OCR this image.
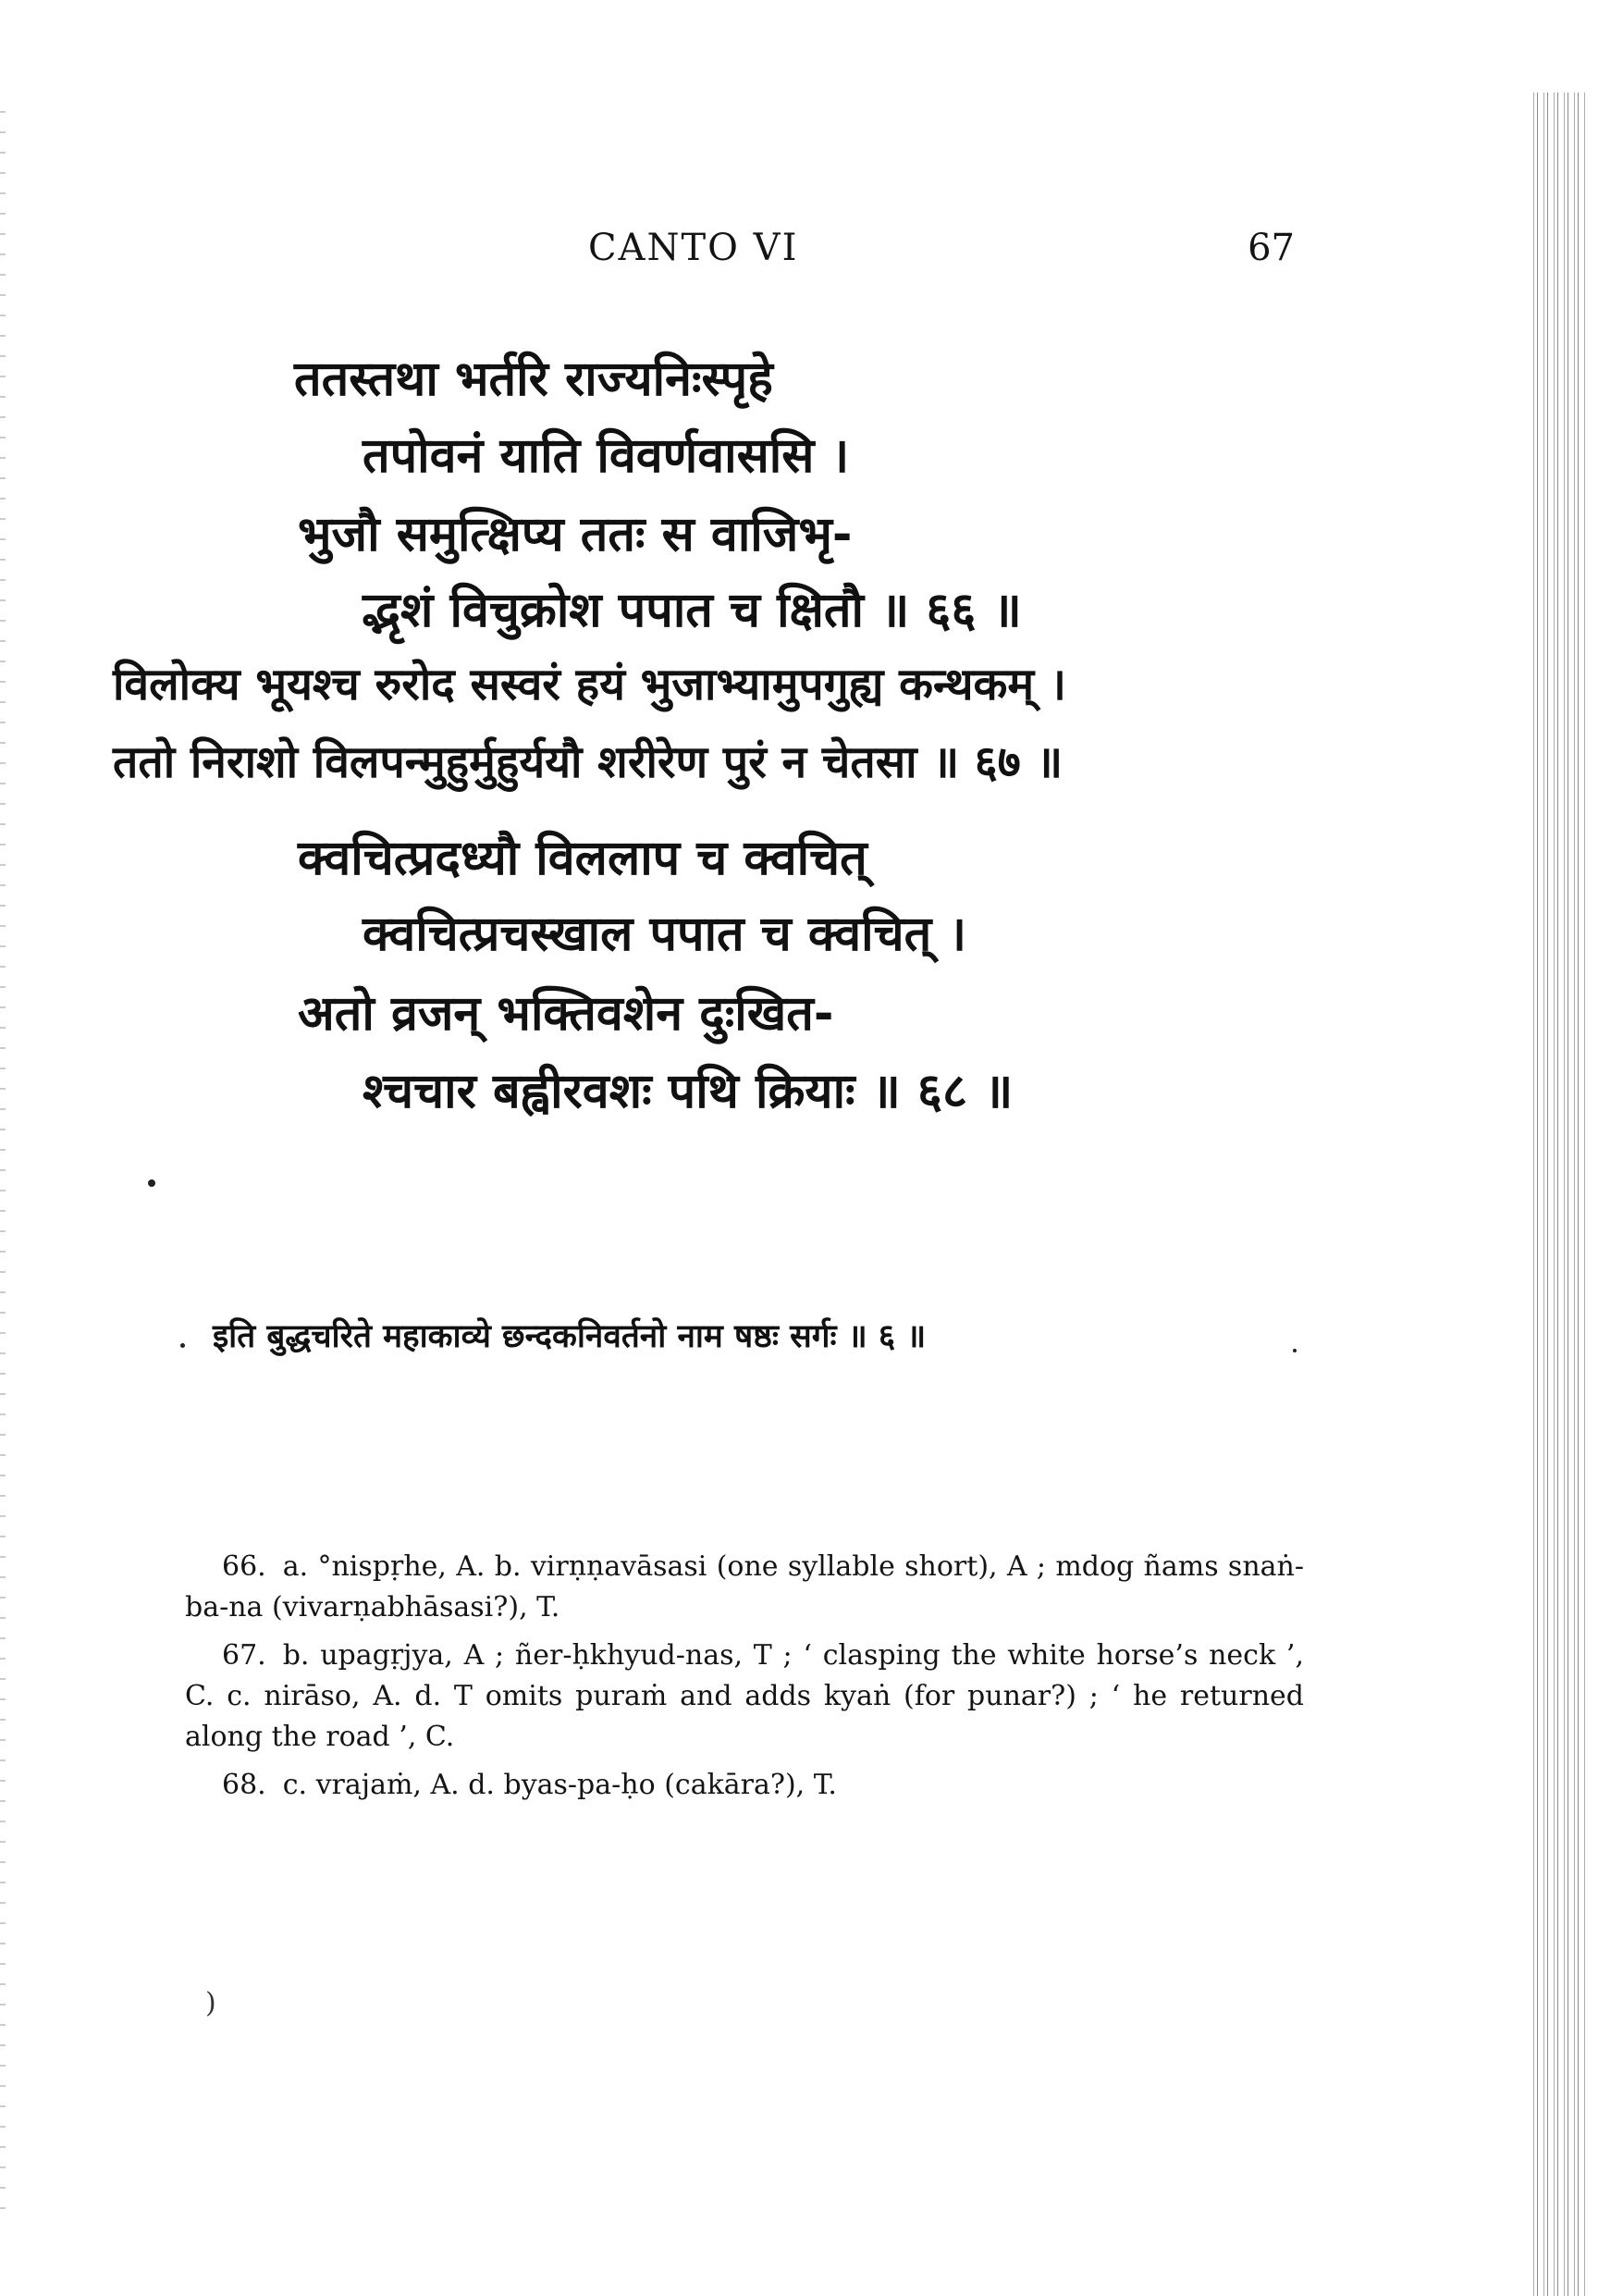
CANTO VI	67
ततस्तथा भर्तरि राज्यनिःस्पृहे
तपोवनं याति विवर्णवाससि ।
भुजौ समुत्क्षिप्य ततः स वाजिभृ-
द्भृशं विचुक्रोश पपात च क्षितौ ॥ ६६ ॥
विलोक्य भूयश्च रुरोद सस्वरं हयं भुजाभ्यामुपगुह्य कन्थकम् ।
ततो निराशो विलपन्मुहुर्मुहुर्ययौ शरीरेण पुरं न चेतसा ॥ ६७ ॥
क्वचित्प्रदध्यौ विललाप च क्वचित्
क्वचित्प्रचस्खाल पपात च क्वचित् ।
अतो व्रजन् भक्तिवशेन दुःखित-
श्चचार बह्वीरवशः पथि क्रियाः ॥ ६८ ॥
इति बुद्धचरिते महाकाव्ये छन्दकनिवर्तनो नाम षष्ठः सर्गः ॥ ६ ॥

66. a. °nispṛhe, A. b. virṇṇavāsasi (one syllable short), A ; mdog ñams snaṅ-ba-na (vivarṇabhāsasi?), T.

67. b. upagṛjya, A ; ñer-ḥkhyud-nas, T ; ‘ clasping the white horse’s neck ’, C. c. nirāso, A. d. T omits puraṁ and adds kyaṅ (for punar?) ; ‘ he returned along the road ’, C.

68. c. vrajaṁ, A. d. byas-pa-ḥo (cakāra?), T.

)
